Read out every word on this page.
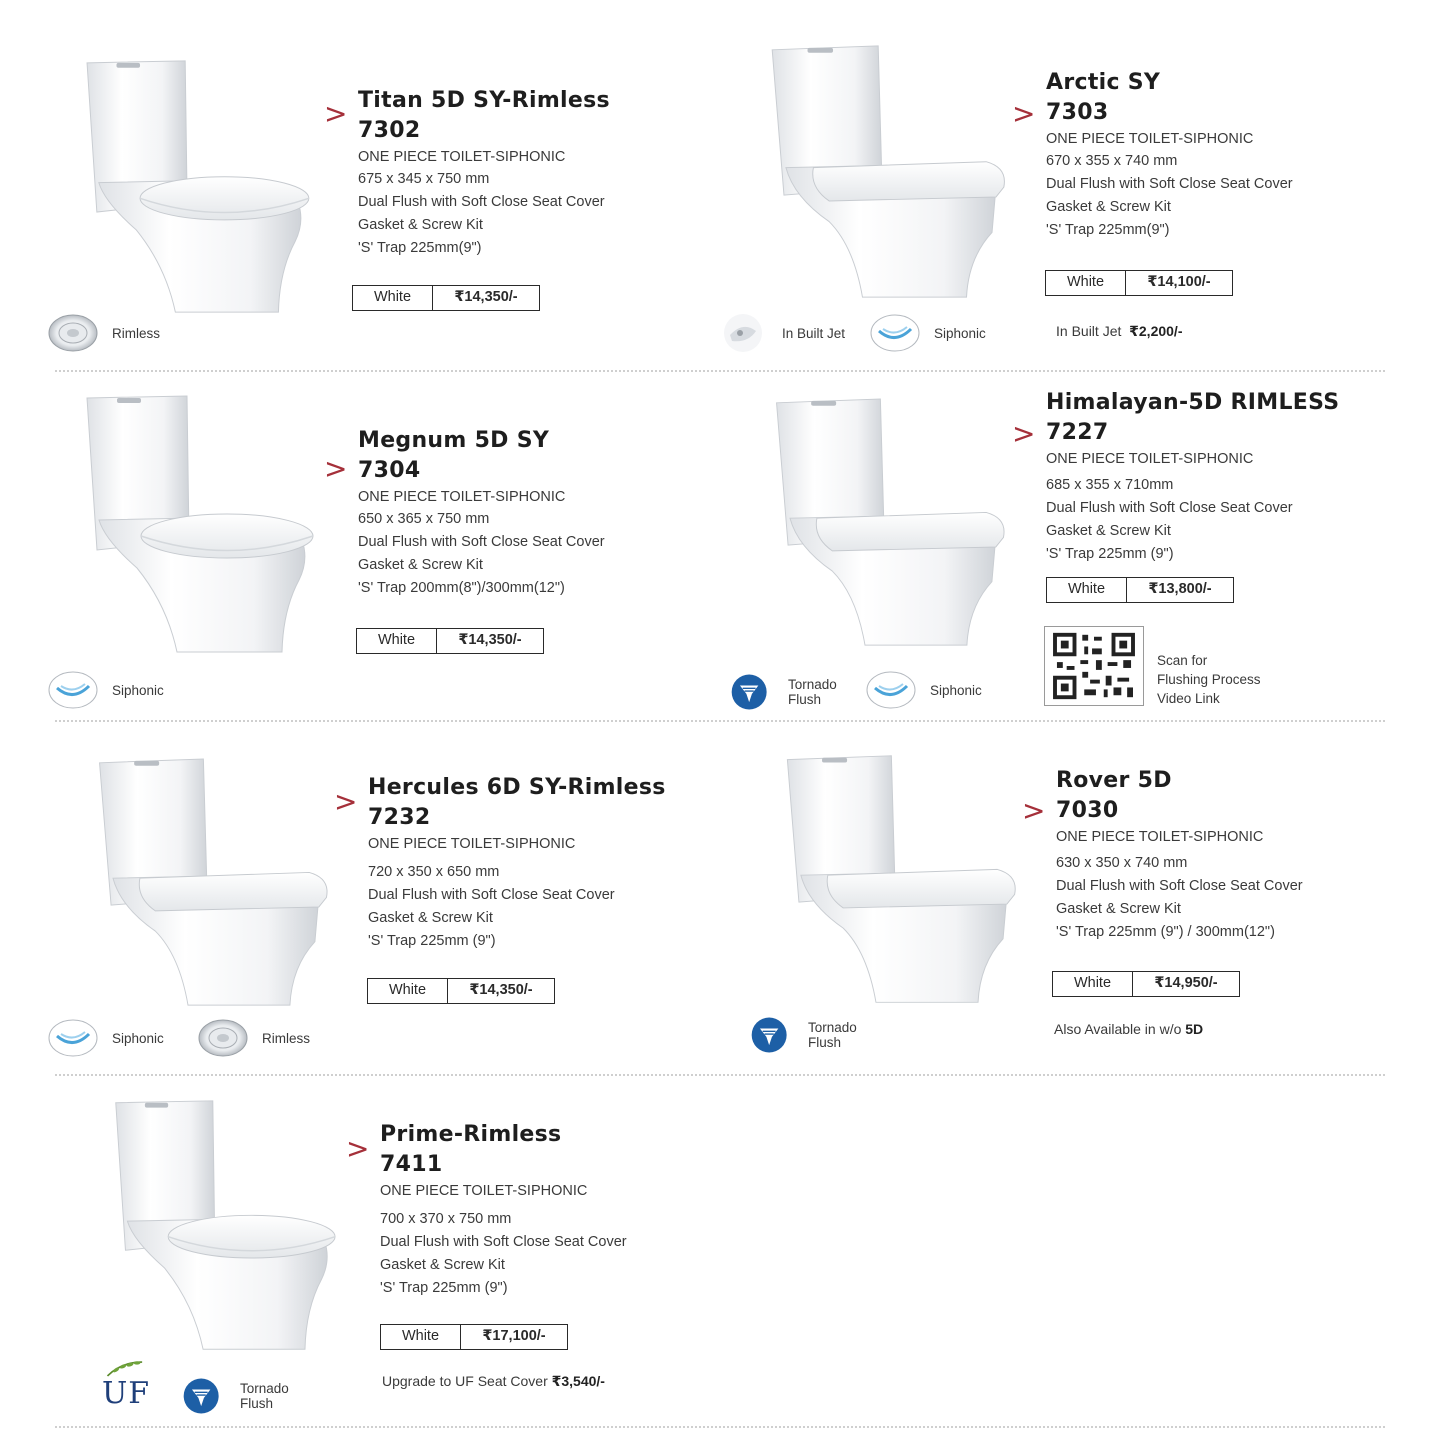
> Titan 5D SY-Rimless
7302
ONE PIECE TOILET-SIPHONIC
675 x 345 x 750 mm
Dual Flush with Soft Close Seat Cover
Gasket & Screw Kit
'S' Trap 225mm(9")
White	₹14,350/-
Rimless
>
Arctic SY
7303
ONE PIECE TOILET-SIPHONIC
670 x 355 x 740 mm
Dual Flush with Soft Close Seat Cover
Gasket & Screw Kit
'S' Trap 225mm(9")
White	₹14,100/-
In Built Jet ₹2,200/-
In Built Jet	Siphonic
>
Megnum 5D SY
7304
ONE PIECE TOILET-SIPHONIC
650 x 365 x 750 mm
Dual Flush with Soft Close Seat Cover
Gasket & Screw Kit
'S' Trap 200mm(8")/300mm(12")
White	₹14,350/-
Siphonic
>
Himalayan-5D RIMLESS
7227
ONE PIECE TOILET-SIPHONIC
685 x 355 x 710mm
Dual Flush with Soft Close Seat Cover
Gasket & Screw Kit
'S' Trap 225mm (9")
White	₹13,800/-
Scan for
Flushing Process
Video Link
Tornado
Flush
Siphonic
> Hercules 6D SY-Rimless
7232
ONE PIECE TOILET-SIPHONIC
720 x 350 x 650 mm
Dual Flush with Soft Close Seat Cover
Gasket & Screw Kit
'S' Trap 225mm (9")
White	₹14,350/-
Siphonic	Rimless
>
Rover 5D
7030
ONE PIECE TOILET-SIPHONIC
630 x 350 x 740 mm
Dual Flush with Soft Close Seat Cover
Gasket & Screw Kit
'S' Trap 225mm (9") / 300mm(12")
White	₹14,950/-
Also Available in w/o 5D
Tornado
Flush
> Prime-Rimless
7411
ONE PIECE TOILET-SIPHONIC
700 x 370 x 750 mm
Dual Flush with Soft Close Seat Cover
Gasket & Screw Kit
'S' Trap 225mm (9")
White	₹17,100/-
Upgrade to UF Seat Cover ₹3,540/-
UF	Tornado
Flush
